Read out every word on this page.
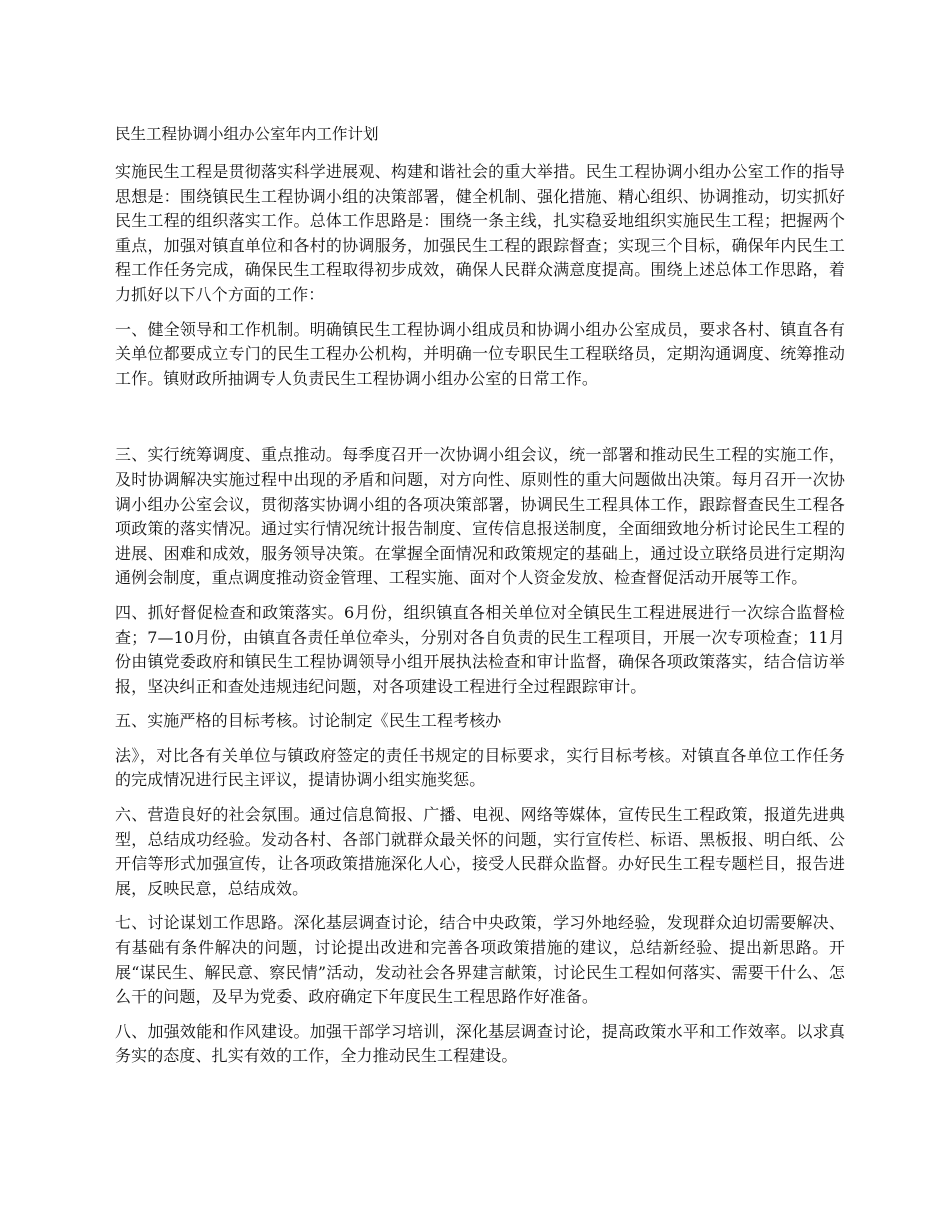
民生工程协调小组办公室年内工作计划

实施民生工程是贯彻落实科学进展观、构建和谐社会的重大举措。民生工程协调小组办公室工作的指导思想是：围绕镇民生工程协调小组的决策部署，健全机制、强化措施、精心组织、协调推动，切实抓好民生工程的组织落实工作。总体工作思路是：围绕一条主线，扎实稳妥地组织实施民生工程；把握两个重点，加强对镇直单位和各村的协调服务，加强民生工程的跟踪督查；实现三个目标，确保年内民生工程工作任务完成，确保民生工程取得初步成效，确保人民群众满意度提高。围绕上述总体工作思路，着力抓好以下八个方面的工作：

一、健全领导和工作机制。明确镇民生工程协调小组成员和协调小组办公室成员，要求各村、镇直各有关单位都要成立专门的民生工程办公机构，并明确一位专职民生工程联络员，定期沟通调度、统筹推动工作。镇财政所抽调专人负责民生工程协调小组办公室的日常工作。

三、实行统筹调度、重点推动。每季度召开一次协调小组会议，统一部署和推动民生工程的实施工作，及时协调解决实施过程中出现的矛盾和问题，对方向性、原则性的重大问题做出决策。每月召开一次协调小组办公室会议，贯彻落实协调小组的各项决策部署，协调民生工程具体工作，跟踪督查民生工程各项政策的落实情况。通过实行情况统计报告制度、宣传信息报送制度，全面细致地分析讨论民生工程的进展、困难和成效，服务领导决策。在掌握全面情况和政策规定的基础上，通过设立联络员进行定期沟通例会制度，重点调度推动资金管理、工程实施、面对个人资金发放、检查督促活动开展等工作。

四、抓好督促检查和政策落实。6月份，组织镇直各相关单位对全镇民生工程进展进行一次综合监督检查；7—10月份，由镇直各责任单位牵头，分别对各自负责的民生工程项目，开展一次专项检查；11月份由镇党委政府和镇民生工程协调领导小组开展执法检查和审计监督，确保各项政策落实，结合信访举报，坚决纠正和查处违规违纪问题，对各项建设工程进行全过程跟踪审计。

五、实施严格的目标考核。讨论制定《民生工程考核办

法》，对比各有关单位与镇政府签定的责任书规定的目标要求，实行目标考核。对镇直各单位工作任务的完成情况进行民主评议，提请协调小组实施奖惩。

六、营造良好的社会氛围。通过信息简报、广播、电视、网络等媒体，宣传民生工程政策，报道先进典型，总结成功经验。发动各村、各部门就群众最关怀的问题，实行宣传栏、标语、黑板报、明白纸、公开信等形式加强宣传，让各项政策措施深化人心，接受人民群众监督。办好民生工程专题栏目，报告进展，反映民意，总结成效。

七、讨论谋划工作思路。深化基层调查讨论，结合中央政策，学习外地经验，发现群众迫切需要解决、有基础有条件解决的问题，讨论提出改进和完善各项政策措施的建议，总结新经验、提出新思路。开展“谋民生、解民意、察民情”活动，发动社会各界建言献策，讨论民生工程如何落实、需要干什么、怎么干的问题，及早为党委、政府确定下年度民生工程思路作好准备。

八、加强效能和作风建设。加强干部学习培训，深化基层调查讨论，提高政策水平和工作效率。以求真务实的态度、扎实有效的工作，全力推动民生工程建设。
